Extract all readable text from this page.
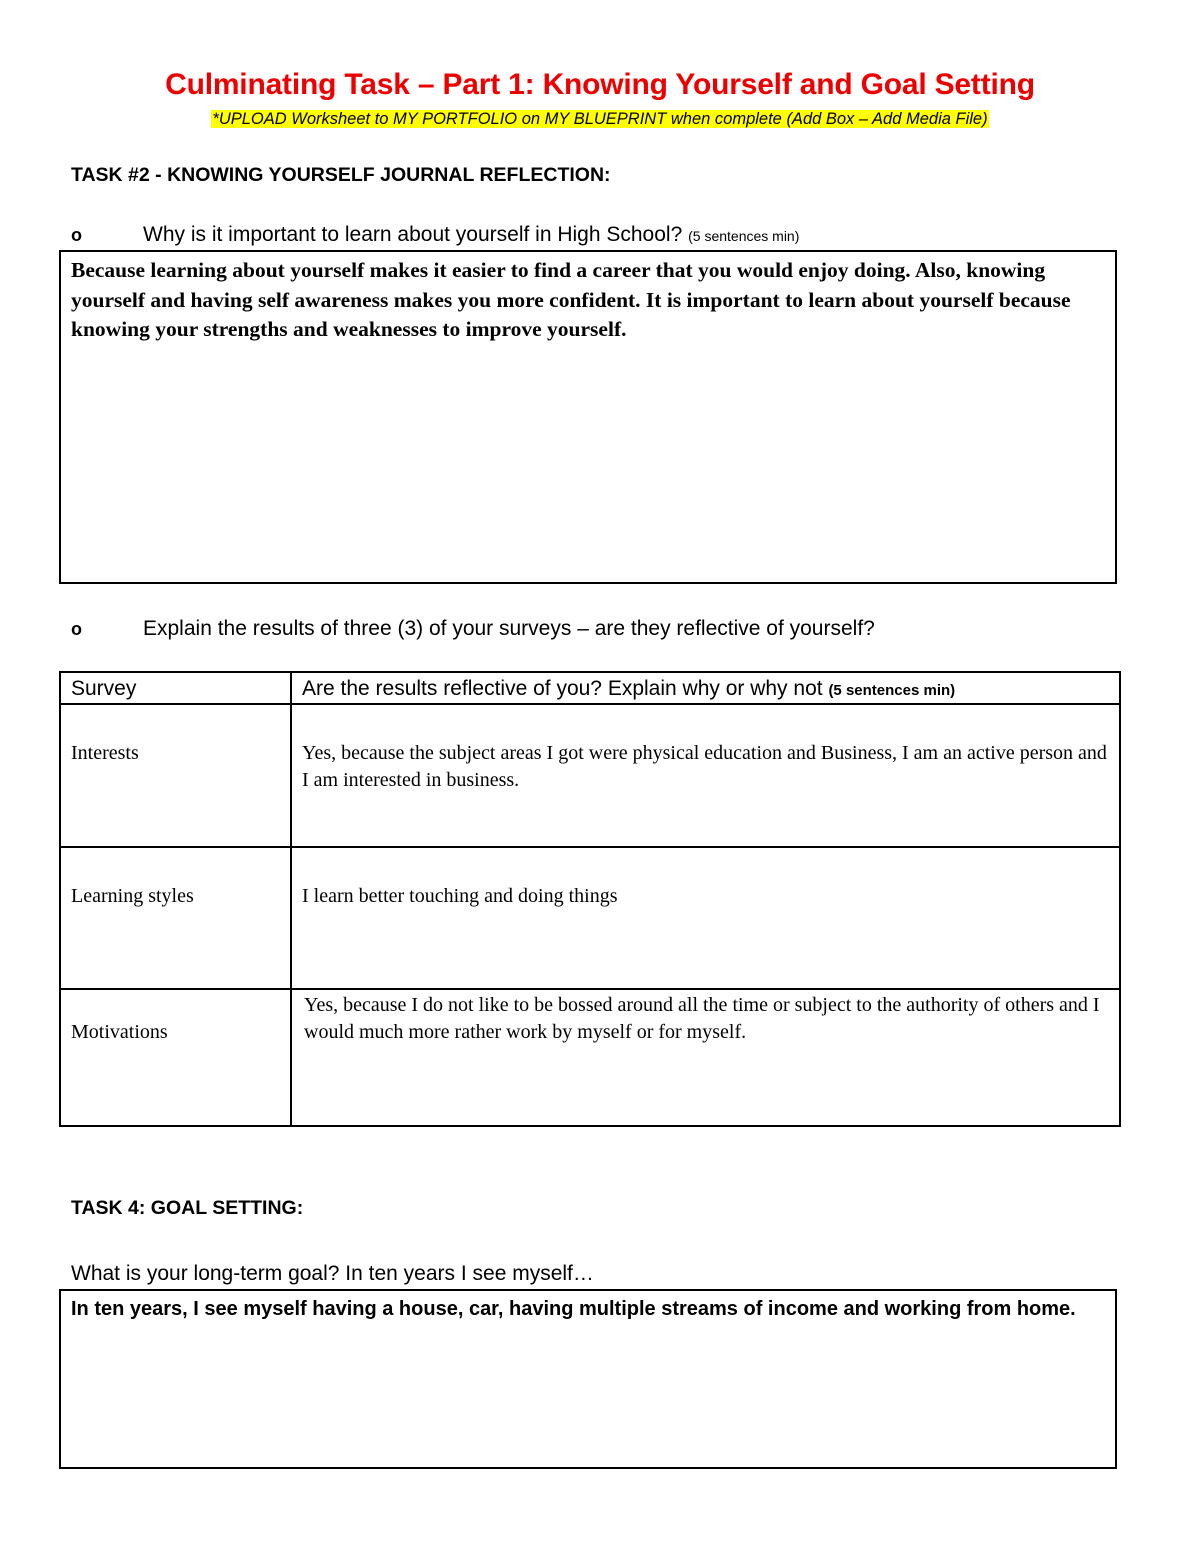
Culminating Task – Part 1: Knowing Yourself and Goal Setting
*UPLOAD Worksheet to MY PORTFOLIO on MY BLUEPRINT when complete (Add Box – Add Media File)
TASK #2 - KNOWING YOURSELF JOURNAL REFLECTION:
o	Why is it important to learn about yourself in High School? (5 sentences min)

Because learning about yourself makes it easier to find a career that you would enjoy doing. Also, knowing yourself and having self awareness makes you more confident. It is important to learn about yourself because knowing your strengths and weaknesses to improve yourself.

o	Explain the results of three (3) of your surveys – are they reflective of yourself?
Survey	Are the results reflective of you? Explain why or why not (5 sentences min)

Interests	Yes, because the subject areas I got were physical education and Business, I am an active person and I am interested in business.

Learning styles	I learn better touching and doing things

Motivations	Yes, because I do not like to be bossed around all the time or subject to the authority of others and I would much more rather work by myself or for myself.
TASK 4: GOAL SETTING:
What is your long-term goal? In ten years I see myself…

In ten years, I see myself having a house, car, having multiple streams of income and working from home.
